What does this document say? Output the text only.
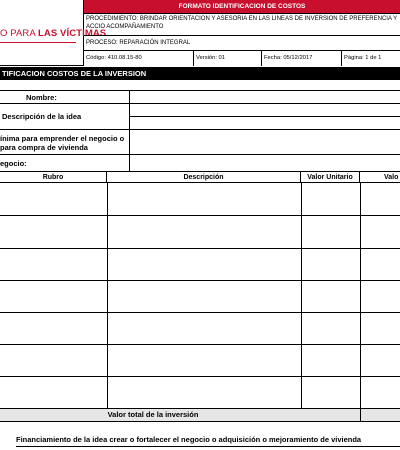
O PARA LAS VÍCTIMAS
FORMATO IDENTIFICACION DE COSTOS
PROCEDIMIENTO: BRINDAR ORIENTACION Y ASESORIA EN LAS LINEAS DE INVERSION DE PREFERENCIA Y ACCIO ACOMPAÑAMIENTO
PROCESO: REPARACIÓN INTEGRAL
Código: 410.08.15-80	Versión: 01	Fecha: 05/12/2017	Página: 1 de 1
TIFICACION COSTOS DE LA INVERSION
Nombre:
Descripción de la idea
ínima para emprender el negocio o
para compra de vivienda
egocio:
Rubro	Descripción	Valor Unitario	Valo
Valor total de la inversión
Financiamiento de la idea crear o fortalecer el negocio o adquisición o mejoramiento de vivienda
